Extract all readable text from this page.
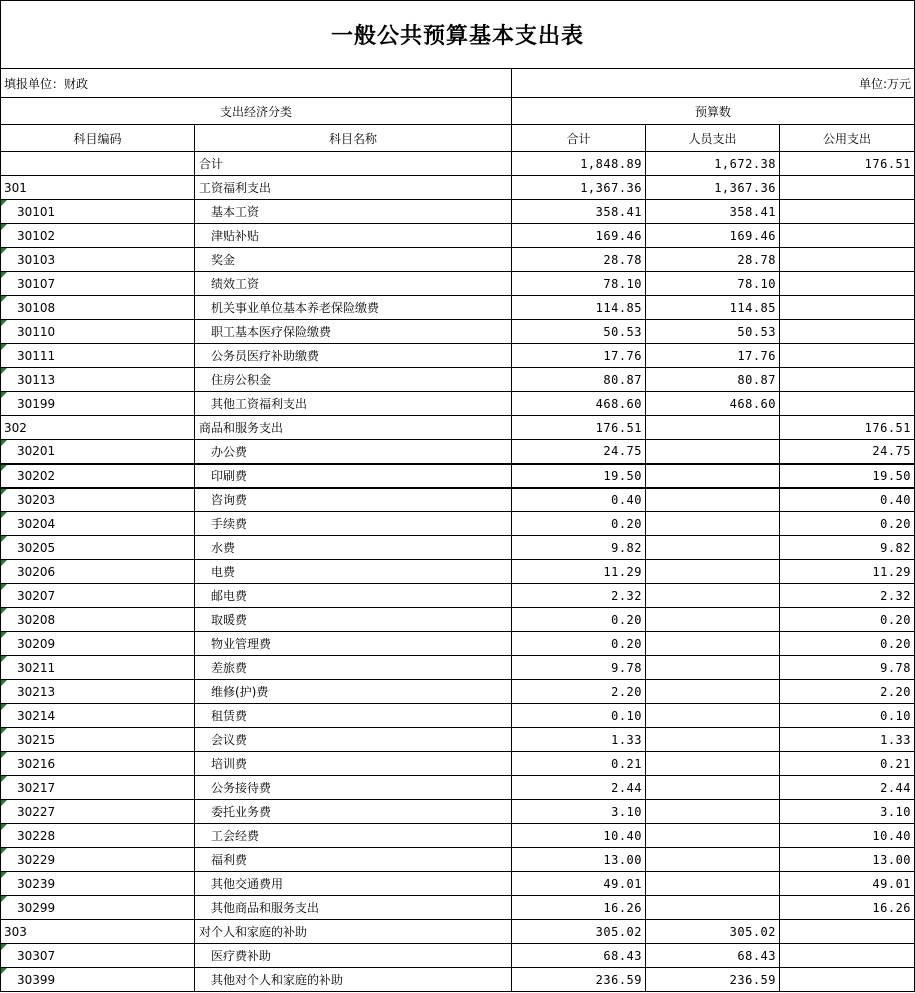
一般公共预算基本支出表				
填报单位：财政		单位:万元		
支出经济分类		预算数		
科目编码	科目名称	合计	人员支出	公用支出
	合计	1,848.89	1,672.38	176.51
301	工资福利支出	1,367.36	1,367.36	

30101	基本工资	358.41	358.41	

30102	津贴补贴	169.46	169.46	

30103	奖金	28.78	28.78	

30107	绩效工资	78.10	78.10	

30108	机关事业单位基本养老保险缴费	114.85	114.85	

30110	职工基本医疗保险缴费	50.53	50.53	

30111	公务员医疗补助缴费	17.76	17.76	

30113	住房公积金	80.87	80.87	

30199	其他工资福利支出	468.60	468.60	
302	商品和服务支出	176.51		176.51

30201	办公费	24.75		24.75

30202	印刷费	19.50		19.50

30203	咨询费	0.40		0.40

30204	手续费	0.20		0.20

30205	水费	9.82		9.82

30206	电费	11.29		11.29

30207	邮电费	2.32		2.32

30208	取暖费	0.20		0.20

30209	物业管理费	0.20		0.20

30211	差旅费	9.78		9.78

30213	维修(护)费	2.20		2.20

30214	租赁费	0.10		0.10

30215	会议费	1.33		1.33

30216	培训费	0.21		0.21

30217	公务接待费	2.44		2.44

30227	委托业务费	3.10		3.10

30228	工会经费	10.40		10.40

30229	福利费	13.00		13.00

30239	其他交通费用	49.01		49.01

30299	其他商品和服务支出	16.26		16.26
303	对个人和家庭的补助	305.02	305.02	

30307	医疗费补助	68.43	68.43	

30399	其他对个人和家庭的补助	236.59	236.59	
